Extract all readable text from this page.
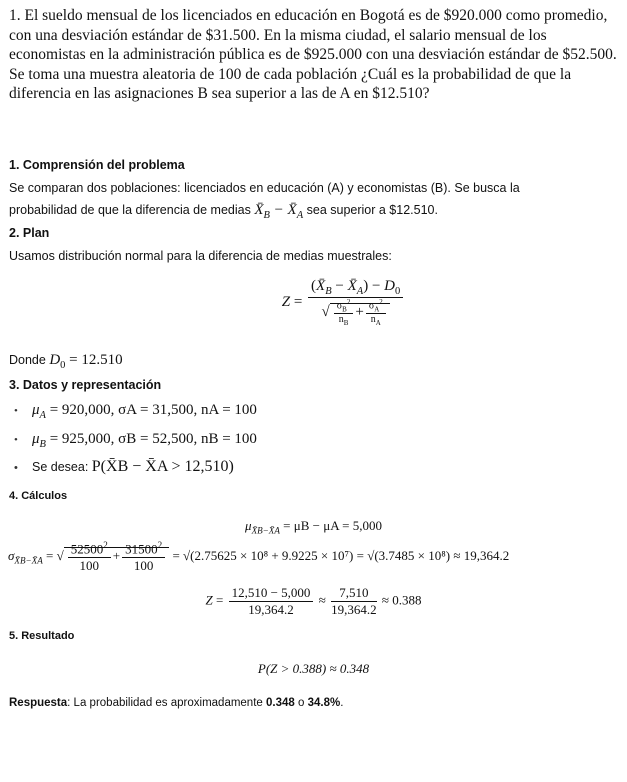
1. El sueldo mensual de los licenciados en educación en Bogotá es de $920.000 como promedio, con una desviación estándar de $31.500. En la misma ciudad, el salario mensual de los economistas en la administración pública es de $925.000 con una desviación estándar de $52.500. Se toma una muestra aleatoria de 100 de cada población ¿Cuál es la probabilidad de que la diferencia en las asignaciones B sea superior a las de A en $12.510?
1. Comprensión del problema
Se comparan dos poblaciones: licenciados en educación (A) y economistas (B). Se busca la
probabilidad de que la diferencia de medias $X̄_B$ − $X̄_A$ sea superior a $12.510.
2. Plan
Usamos distribución normal para la diferencia de medias muestrales:
$Z = \frac{(X̄_B - X̄_A) - D_0}{√ \frac{\sigma_B^2}{n_B} + \frac{\sigma_A^2}{n_A}}$
Donde $D_0 = 12.510$
3. Datos y representación
• $\mu_A = 920,000$, σA = 31,500, nA = 100
• $\mu_B = 925,000$, σB = 52,500, nB = 100
• Se desea: P(X̄B − X̄A > 12,510)
4. Cálculos
$\mu_{X̄B-X̄A} = \mu B - \mu A = 5,000$
$\sigma_{X̄B-X̄A}$ = √ $\frac{52500^2}{100} + \frac{31500^2}{100} = √(2.75625 \times 10^8 + 9.9225 \times 10^7) = √(3.7485 \times 10^8) \approx 19,364.2$
$Z = \frac{12,510 - 5,000}{19,364.2} \approx \frac{7,510}{19,364.2} \approx 0.388$
5. Resultado
P(Z > 0.388) ≈ 0.348
Respuesta: La probabilidad es aproximadamente 0.348 o 34.8%.
